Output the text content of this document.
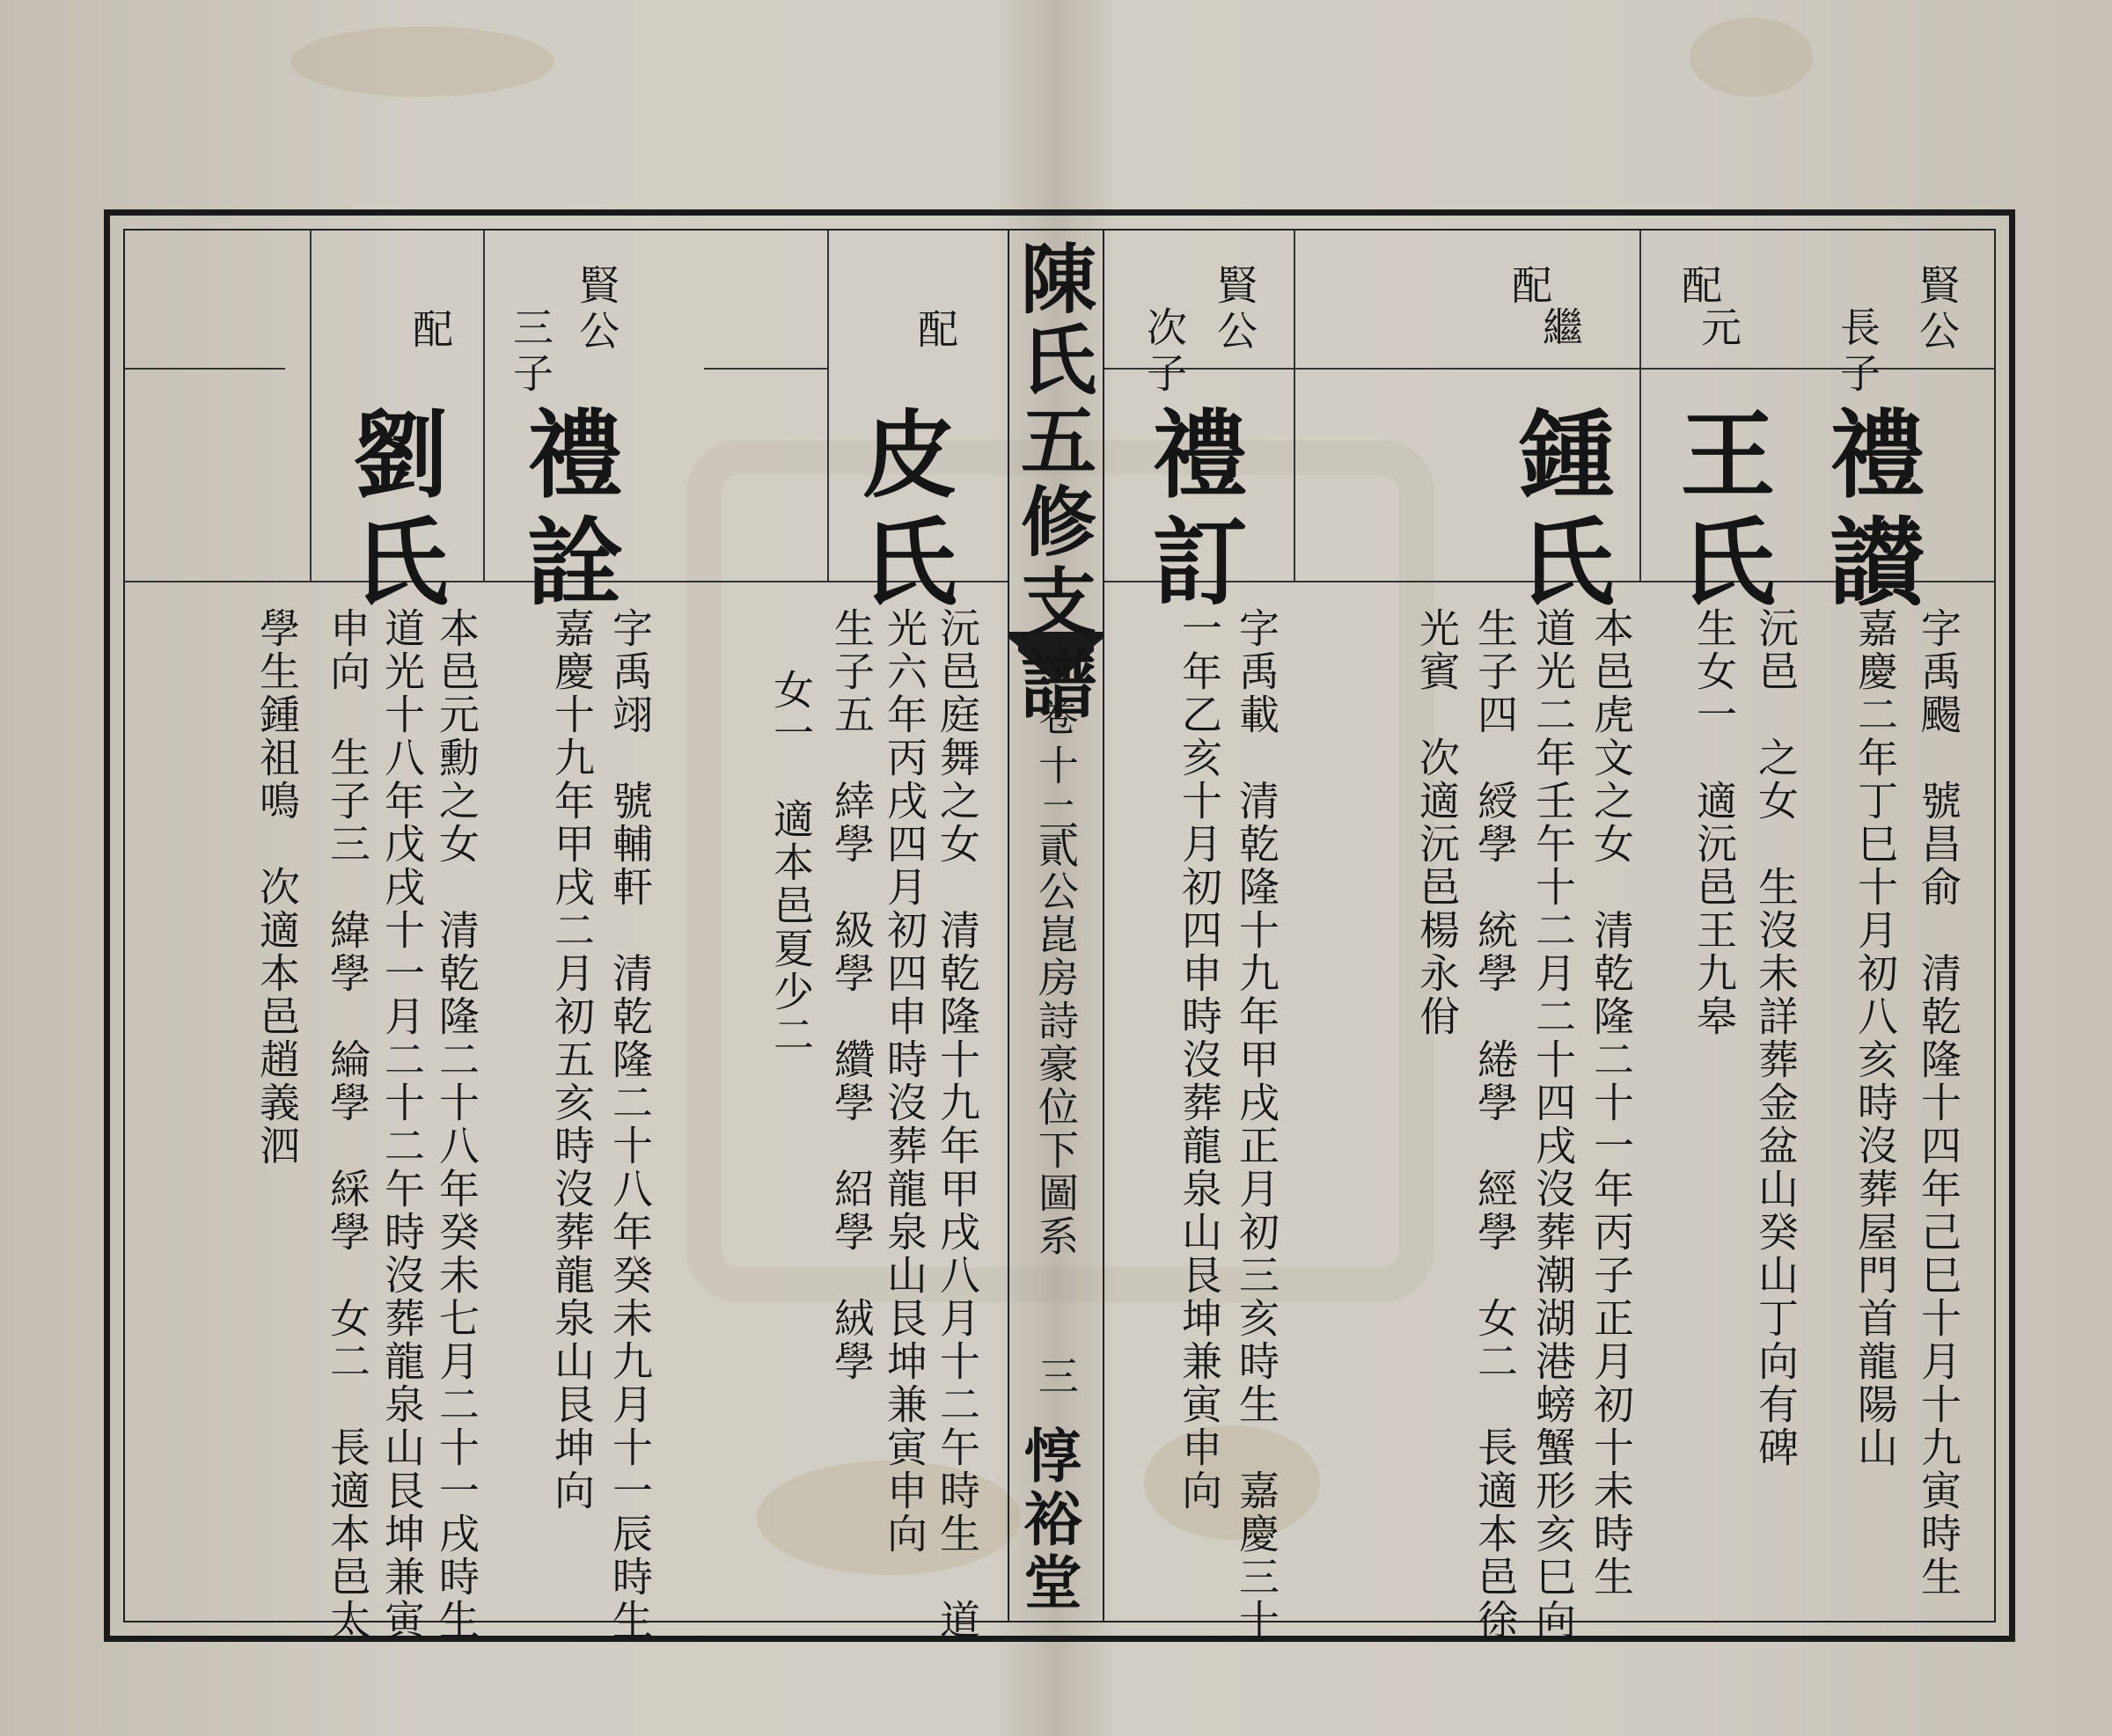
陳氏五修支譜
卷十二
貳公崑房詩豪位下圖系
三
惇裕堂
賢公
長子
禮讃
字禹颺　號昌俞　清乾隆十四年己巳十月十九寅時生
嘉慶二年丁巳十月初八亥時沒葬屋門首龍陽山
元
配
王氏
沅邑　之女　生沒未詳葬金盆山癸山丁向有碑
生女一　適沅邑王九皋
繼
配
鍾氏
本邑虎文之女　清乾隆二十一年丙子正月初十未時生
道光二年壬午十二月二十四戌沒葬潮湖港螃蟹形亥巳向
生子四　綬學　統學　綣學　經學　女二　長適本邑徐
光賓　次適沅邑楊永佾
賢公
次子
禮訂
字禹載　清乾隆十九年甲戌正月初三亥時生　嘉慶三十
一年乙亥十月初四申時沒葬龍泉山艮坤兼寅申向
配
皮氏
沅邑庭舞之女　清乾隆十九年甲戌八月十二午時生　道
光六年丙戌四月初四申時沒葬龍泉山艮坤兼寅申向
生子五　緈學　級學　纘學　紹學　絨學
女一　適本邑夏少二
賢公
三子
禮詮
字禹翊　號輔軒　清乾隆二十八年癸未九月十一辰時生
嘉慶十九年甲戌二月初五亥時沒葬龍泉山艮坤向
配
劉氏
本邑元勳之女　清乾隆二十八年癸未七月二十一戌時生
道光十八年戊戌十一月二十二午時沒葬龍泉山艮坤兼寅
申向　生子三　緯學　綸學　綵學　女二　長適本邑太
學生鍾祖鳴　次適本邑趙義泗
